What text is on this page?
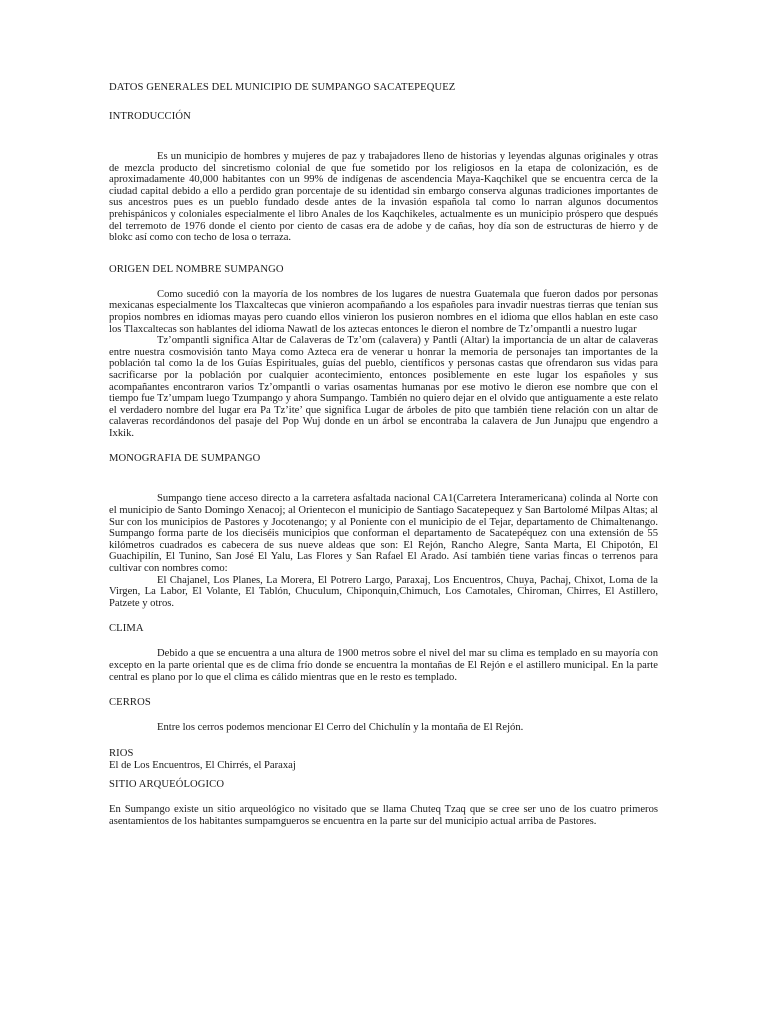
DATOS GENERALES DEL MUNICIPIO DE SUMPANGO SACATEPEQUEZ
INTRODUCCIÓN

Es un municipio de hombres y mujeres de paz y trabajadores lleno de historias y leyendas algunas originales y otras de mezcla producto del sincretismo colonial de que fue sometido por los religiosos en la etapa de colonización, es de aproximadamente 40,000 habitantes con un 99% de indígenas de ascendencia Maya-Kaqchikel que se encuentra cerca de la ciudad capital debido a ello a perdido gran porcentaje de su identidad sin embargo conserva algunas tradiciones importantes de sus ancestros pues es un pueblo fundado desde antes de la invasión española tal como lo narran algunos documentos prehispánicos y coloniales especialmente el libro Anales de los Kaqchikeles, actualmente es un municipio próspero que después del terremoto de 1976 donde el ciento por ciento de casas era de adobe y de cañas, hoy día son de estructuras de hierro y de blokc así como con techo de losa o terraza.

ORIGEN DEL NOMBRE SUMPANGO

Como sucedió con la mayoría de los nombres de los lugares de nuestra Guatemala que fueron dados por personas mexicanas especialmente los Tlaxcaltecas que vinieron acompañando a los españoles para invadir nuestras tierras que tenían sus propios nombres en idiomas mayas pero cuando ellos vinieron los pusieron nombres en el idioma que ellos hablan en este caso los Tlaxcaltecas son hablantes del idioma Nawatl de los aztecas entonces le dieron el nombre de Tz’ompantli a nuestro lugar

Tz’ompantli significa Altar de Calaveras de Tz’om (calavera) y Pantli (Altar) la importancia de un altar de calaveras entre nuestra cosmovisión tanto Maya como Azteca era de venerar u honrar la memoria de personajes tan importantes de la población tal como la de los Guías Espirituales, guías del pueblo, científicos y personas castas que ofrendaron sus vidas para sacrificarse por la población por cualquier acontecimiento, entonces posiblemente en este lugar los españoles y sus acompañantes encontraron varios Tz’ompantli o varias osamentas humanas por ese motivo le dieron ese nombre que con el tiempo fue Tz’umpam luego Tzumpango y ahora Sumpango. También no quiero dejar en el olvido que antiguamente a este relato el verdadero nombre del lugar era Pa Tz’ite’ que significa Lugar de árboles de pito que también tiene relación con un altar de calaveras recordándonos del pasaje del Pop Wuj donde en un árbol se encontraba la calavera de Jun Junajpu que engendro a Ixkik.

MONOGRAFIA DE SUMPANGO

Sumpango tiene acceso directo a la carretera asfaltada nacional CA1(Carretera Interamericana) colinda al Norte con el municipio de Santo Domingo Xenacoj; al Orientecon el municipio de Santiago Sacatepequez y San Bartolomé Milpas Altas; al Sur con los municipios de Pastores y Jocotenango; y al Poniente con el municipio de el Tejar, departamento de Chimaltenango. Sumpango forma parte de los dieciséis municipios que conforman el departamento de Sacatepéquez con una extensión de 55 kilómetros cuadrados es cabecera de sus nueve aldeas que son: El Rejón, Rancho Alegre, Santa Marta, El Chipotón, El Guachipilín, El Tunino, San José El Yalu, Las Flores y San Rafael El Arado. Así también tiene varias fincas o terrenos para cultivar con nombres como:

El Chajanel, Los Planes, La Morera, El Potrero Largo, Paraxaj, Los Encuentros, Chuya, Pachaj, Chixot, Loma de la Virgen, La Labor, El Volante, El Tablón, Chuculum, Chiponquin,Chimuch, Los Camotales, Chiroman, Chirres, El Astillero, Patzete y otros.

CLIMA

Debido a que se encuentra a una altura de 1900 metros sobre el nivel del mar su clima es templado en su mayoría con excepto en la parte oriental que es de clima frío donde se encuentra la montañas de El Rejón e el astillero municipal. En la parte central es plano por lo que el clima es cálido mientras que en le resto es templado.

CERROS

Entre los cerros podemos mencionar El Cerro del Chichulín y la montaña de El Rejón.

RIOS

El de Los Encuentros, El Chirrés, el Paraxaj

SITIO ARQUEÓLOGICO

En Sumpango existe un sitio arqueológico no visitado que se llama Chuteq Tzaq que se cree ser uno de los cuatro primeros asentamientos de los habitantes sumpamgueros se encuentra en la parte sur del municipio actual arriba de Pastores.
